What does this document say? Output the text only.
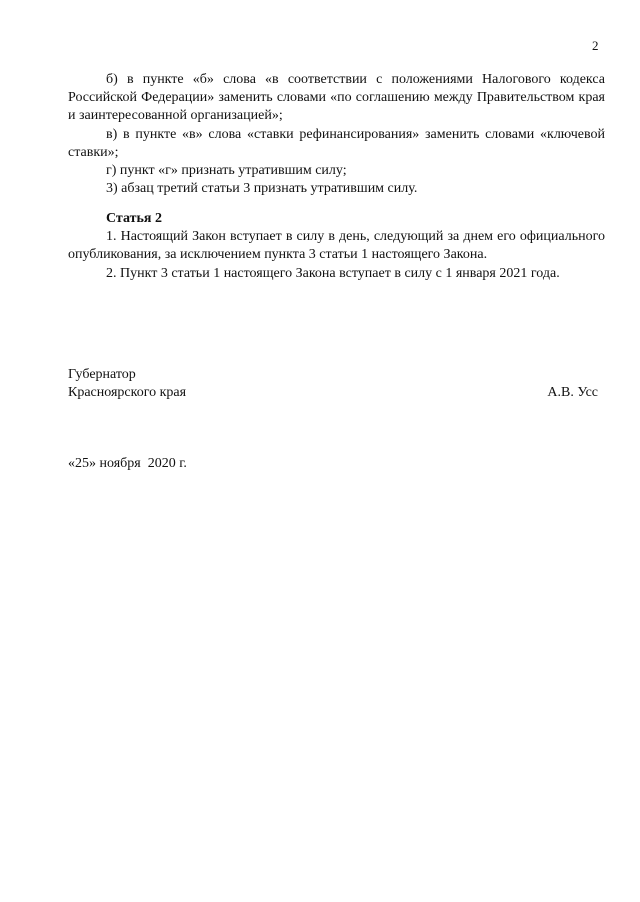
2

б) в пункте «б» слова «в соответствии с положениями Налогового кодекса Российской Федерации» заменить словами «по соглашению между Правительством края и заинтересованной организацией»;

в) в пункте «в» слова «ставки рефинансирования» заменить словами «ключевой ставки»;

г) пункт «г» признать утратившим силу;

3) абзац третий статьи 3 признать утратившим силу.

Статья 2

1. Настоящий Закон вступает в силу в день, следующий за днем его официального опубликования, за исключением пункта 3 статьи 1 настоящего Закона.

2. Пункт 3 статьи 1 настоящего Закона вступает в силу с 1 января 2021 года.

Губернатор
Красноярского края	А.В. Усс
«25» ноября  2020 г.
